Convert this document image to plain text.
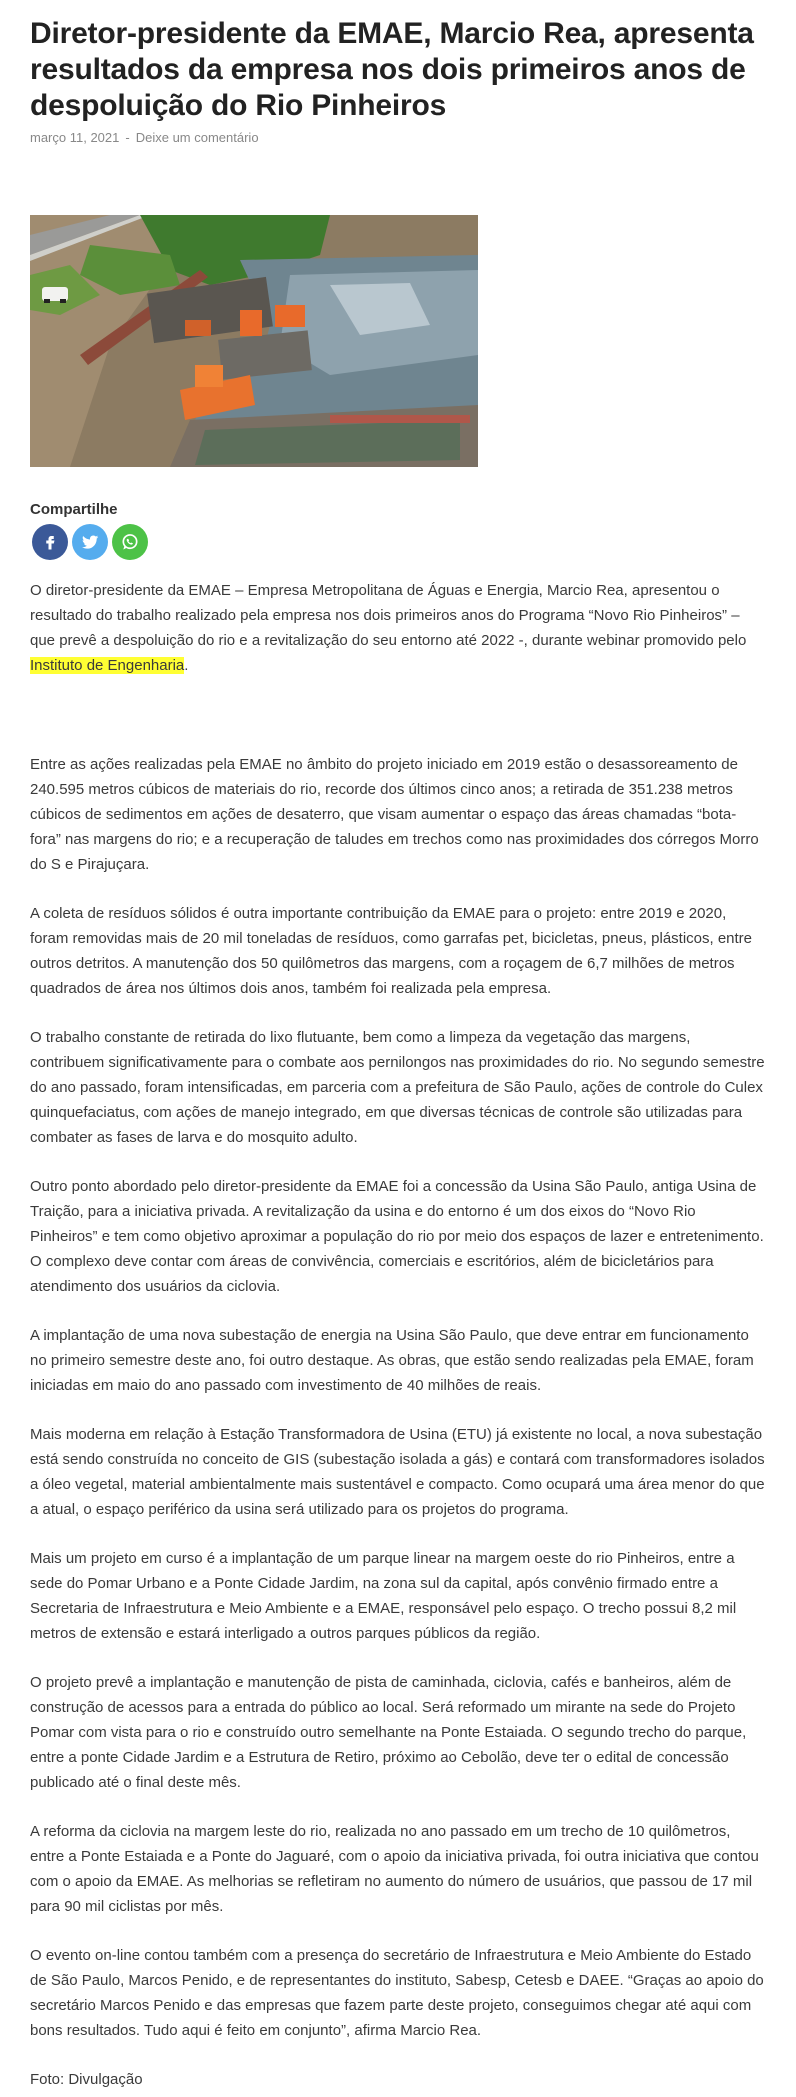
Diretor-presidente da EMAE, Marcio Rea, apresenta resultados da empresa nos dois primeiros anos de despoluição do Rio Pinheiros
março 11, 2021 - Deixe um comentário
Compartilhe

O diretor-presidente da EMAE – Empresa Metropolitana de Águas e Energia, Marcio Rea, apresentou o resultado do trabalho realizado pela empresa nos dois primeiros anos do Programa “Novo Rio Pinheiros” – que prevê a despoluição do rio e a revitalização do seu entorno até 2022 -, durante webinar promovido pelo Instituto de Engenharia.

Entre as ações realizadas pela EMAE no âmbito do projeto iniciado em 2019 estão o desassoreamento de 240.595 metros cúbicos de materiais do rio, recorde dos últimos cinco anos; a retirada de 351.238 metros cúbicos de sedimentos em ações de desaterro, que visam aumentar o espaço das áreas chamadas “bota-fora” nas margens do rio; e a recuperação de taludes em trechos como nas proximidades dos córregos Morro do S e Pirajuçara.

A coleta de resíduos sólidos é outra importante contribuição da EMAE para o projeto: entre 2019 e 2020, foram removidas mais de 20 mil toneladas de resíduos, como garrafas pet, bicicletas, pneus, plásticos, entre outros detritos. A manutenção dos 50 quilômetros das margens, com a roçagem de 6,7 milhões de metros quadrados de área nos últimos dois anos, também foi realizada pela empresa.

O trabalho constante de retirada do lixo flutuante, bem como a limpeza da vegetação das margens, contribuem significativamente para o combate aos pernilongos nas proximidades do rio. No segundo semestre do ano passado, foram intensificadas, em parceria com a prefeitura de São Paulo, ações de controle do Culex quinquefaciatus, com ações de manejo integrado, em que diversas técnicas de controle são utilizadas para combater as fases de larva e do mosquito adulto.

Outro ponto abordado pelo diretor-presidente da EMAE foi a concessão da Usina São Paulo, antiga Usina de Traição, para a iniciativa privada. A revitalização da usina e do entorno é um dos eixos do “Novo Rio Pinheiros” e tem como objetivo aproximar a população do rio por meio dos espaços de lazer e entretenimento. O complexo deve contar com áreas de convivência, comerciais e escritórios, além de bicicletários para atendimento dos usuários da ciclovia.

A implantação de uma nova subestação de energia na Usina São Paulo, que deve entrar em funcionamento no primeiro semestre deste ano, foi outro destaque. As obras, que estão sendo realizadas pela EMAE, foram iniciadas em maio do ano passado com investimento de 40 milhões de reais.

Mais moderna em relação à Estação Transformadora de Usina (ETU) já existente no local, a nova subestação está sendo construída no conceito de GIS (subestação isolada a gás) e contará com transformadores isolados a óleo vegetal, material ambientalmente mais sustentável e compacto. Como ocupará uma área menor do que a atual, o espaço periférico da usina será utilizado para os projetos do programa.

Mais um projeto em curso é a implantação de um parque linear na margem oeste do rio Pinheiros, entre a sede do Pomar Urbano e a Ponte Cidade Jardim, na zona sul da capital, após convênio firmado entre a Secretaria de Infraestrutura e Meio Ambiente e a EMAE, responsável pelo espaço. O trecho possui 8,2 mil metros de extensão e estará interligado a outros parques públicos da região.

O projeto prevê a implantação e manutenção de pista de caminhada, ciclovia, cafés e banheiros, além de construção de acessos para a entrada do público ao local. Será reformado um mirante na sede do Projeto Pomar com vista para o rio e construído outro semelhante na Ponte Estaiada. O segundo trecho do parque, entre a ponte Cidade Jardim e a Estrutura de Retiro, próximo ao Cebolão, deve ter o edital de concessão publicado até o final deste mês.

A reforma da ciclovia na margem leste do rio, realizada no ano passado em um trecho de 10 quilômetros, entre a Ponte Estaiada e a Ponte do Jaguaré, com o apoio da iniciativa privada, foi outra iniciativa que contou com o apoio da EMAE. As melhorias se refletiram no aumento do número de usuários, que passou de 17 mil para 90 mil ciclistas por mês.

O evento on-line contou também com a presença do secretário de Infraestrutura e Meio Ambiente do Estado de São Paulo, Marcos Penido, e de representantes do instituto, Sabesp, Cetesb e DAEE. “Graças ao apoio do secretário Marcos Penido e das empresas que fazem parte deste projeto, conseguimos chegar até aqui com bons resultados. Tudo aqui é feito em conjunto”, afirma Marcio Rea.

Foto: Divulgação
